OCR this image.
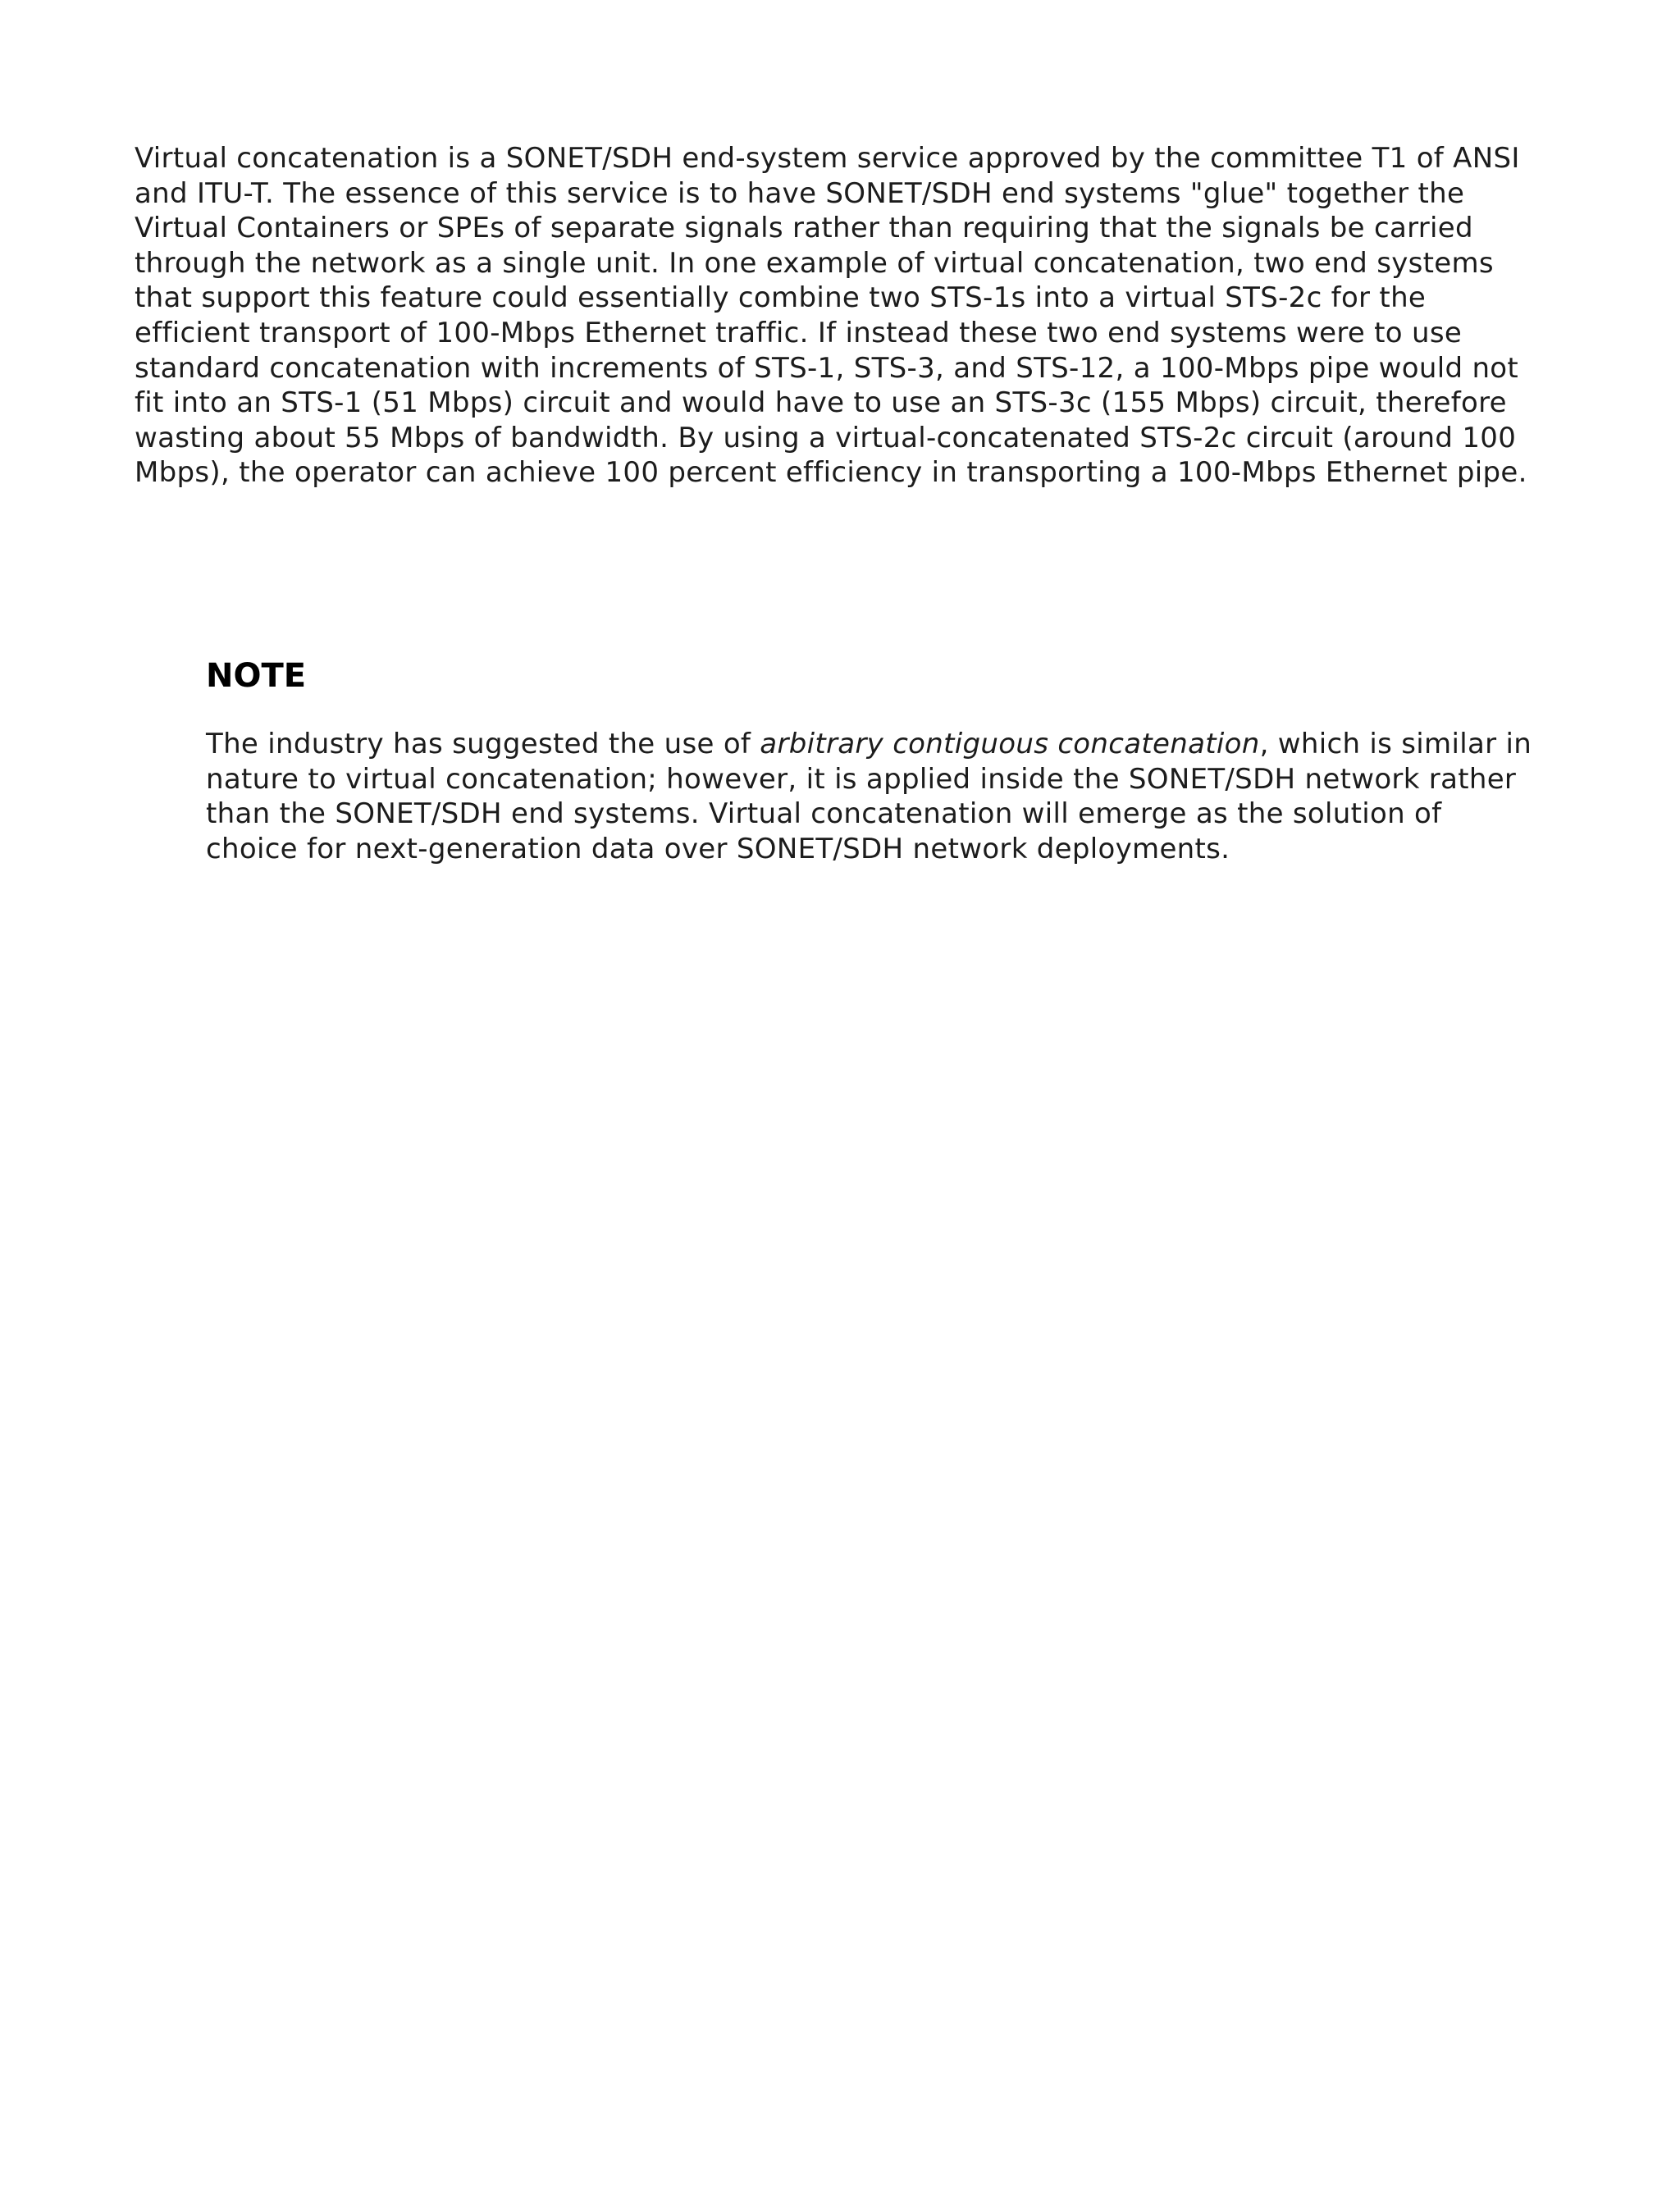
Virtual concatenation is a SONET/SDH end-system service approved by the committee T1 of ANSI and ITU-T. The essence of this service is to have SONET/SDH end systems "glue" together the Virtual Containers or SPEs of separate signals rather than requiring that the signals be carried through the network as a single unit. In one example of virtual concatenation, two end systems that support this feature could essentially combine two STS-1s into a virtual STS-2c for the efficient transport of 100-Mbps Ethernet traffic. If instead these two end systems were to use standard concatenation with increments of STS-1, STS-3, and STS-12, a 100-Mbps pipe would not fit into an STS-1 (51 Mbps) circuit and would have to use an STS-3c (155 Mbps) circuit, therefore wasting about 55 Mbps of bandwidth. By using a virtual-concatenated STS-2c circuit (around 100 Mbps), the operator can achieve 100 percent efficiency in transporting a 100-Mbps Ethernet pipe.

NOTE

The industry has suggested the use of arbitrary contiguous concatenation, which is similar in nature to virtual concatenation; however, it is applied inside the SONET/SDH network rather than the SONET/SDH end systems. Virtual concatenation will emerge as the solution of choice for next-generation data over SONET/SDH network deployments.
